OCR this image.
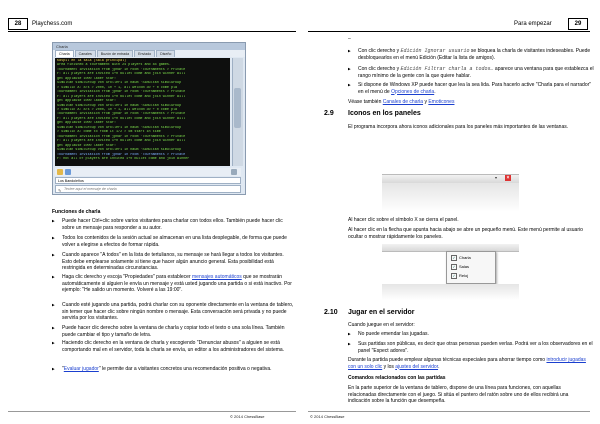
28	Playchess.com
Charla
Charla	Canales	Buzón de entrada	Enviado	Diseño
Kaspil en la sala (Sala principal)
Area finished a tournament with 24 players and 84 games.
Tournament invitation from jphar in room 'Tournaments > Private
F: all players are invited 1+0 bullet come and join winner will
get applause 1000 laber star!
Simultan simulGroup von Grolleri in Raum 'Simultan simulGroup
> Simulic A: 8/s > 2000, 10 + 1, all welcom 30 + 0 come pla
Tournament invitation from jphar in room 'Tournaments > Private
F: all players are invited 1+0 bullet come and join winner will
get applause 1000 laber star!
Simultan simulGroup von Grolleri in Raum 'Simultan simulGroup
> Simulic A: 8/s > 2000, 10 + 1, all welcom 30 + 0 come pla
Tournament invitation from jphar in room 'Tournaments > Private
F: all players are invited 1+0 bullet come and join winner will
get applause 1000 laber star!
Simultan simulGroup von Grolleri in Raum 'Simultan simulGroup
> Simulic A: come to room Lt 1/2 > Sm start in time
Tournament invitation from jphar in room 'Tournaments > Private
F: all players are invited 1+0 bullet come and join winner will
get applause 1000 laber star!
Simultan simulGroup von Grolleri in Raum 'Simultan simulGroup
Tournament invitation from jphar in room 'Tournaments > Private
F: not all of players are invited 1+0 bullet come and join winner
Los Bandoleños
✎ Teclee aquí el mensaje de charla
Funciones de charla
▶ Puede hacer Ctrl+clic sobre varios visitantes para charlar con todos ellos. También puede hacer clic sobre un mensaje para responder a su autor.
▶ Todos los contenidos de la sesión actual se almacenan en una lista desplegable, de forma que puede volver a elegirse a efectos de formar rápida.
▶ Cuando aparece "A todos" en la lista de tertulianos, su mensaje se hará llegar a todos los visitantes. Esto debe emplearse solamente si tiene que hacer algún anuncio general. Esta posibilidad está restringida en determinadas circunstancias.
▶ Haga clic derecho y escoja "Propiedades" para establecer mensajes automáticos que se mostrarán automáticamente si alguien le envía un mensaje y está usted jugando una partida o si está inactivo. Por ejemplo: "He salido un momento. Volveré a las 19:00".
▶ Cuando esté jugando una partida, podrá charlar con su oponente directamente en la ventana de tablero, sin temer que hacer clic sobre ningún nombre o mensaje. Esta conversación será privada y no puede servirla por los visitantes.
▶ Puede hacer clic derecho sobre la ventana de charla y copiar todo el texto o una sola línea. También puede cambiar el tipo y tamaño de letra.
▶ Haciendo clic derecho en la ventana de charla y escogiendo "Denunciar abusos" a alguien se está comportando mal en el servidor, toda la charla se envía, un editor a los administradores del sistema.
▶ "Evaluar jugador" le permite dar a visitantes concretos una recomendación positiva o negativa.
© 2014 ChessBase
Para empezar	29
–
▶ Con clic derecho y Edición Ignorar usuario se bloquea la charla de visitantes indeseables. Puede desbloquearlos en el menú Edición (Editar la lista de amigos).
▶ Con clic derecho y Edición Filtrar charla a todos… aparece una ventana para que establezca el rango mínimo de la gente con la que quiere hablar.
▶ Si dispone de Windows XP puede hacer que lea la sea lida. Para hacerlo active "Charla para el narrador" en el menú de Opciones de charla.
Véase también Canales de charla y Emoticones
2.9 Iconos en los paneles
El programa incorpora ahora iconos adicionales para los paneles más importantes de las ventanas.
▾	×
Al hacer clic sobre el símbolo X se cierra el panel.
Al hacer clic en la flecha que apunta hacia abajo se abre un pequeño menú. Este menú permite al usuario ocultar o mostrar rápidamente los paneles.
✓ Charla
✓ Salas
✓ Reloj
2.10 Jugar en el servidor
Cuando juegue en el servidor:
▶ No puede emendar las jugadas.
▶ Sus partidas son públicas, es decir que otras personas pueden verlas. Podrá ver a los observadores en el panel "Espect adores".
Durante la partida puede emplear algunas técnicas especiales para ahorrar tiempo como introducir jugadas con un solo clic y los ajustes del servidor.
Comandos relacionados con las partidas
En la parte superior de la ventana de tablero, dispone de una línea para funciones, con aquellas relacionadas directamente con el juego. Si sitúa el puntero del ratón sobre uno de ellos recibirá una indicación sobre la función que desempeña.
© 2014 ChessBase
